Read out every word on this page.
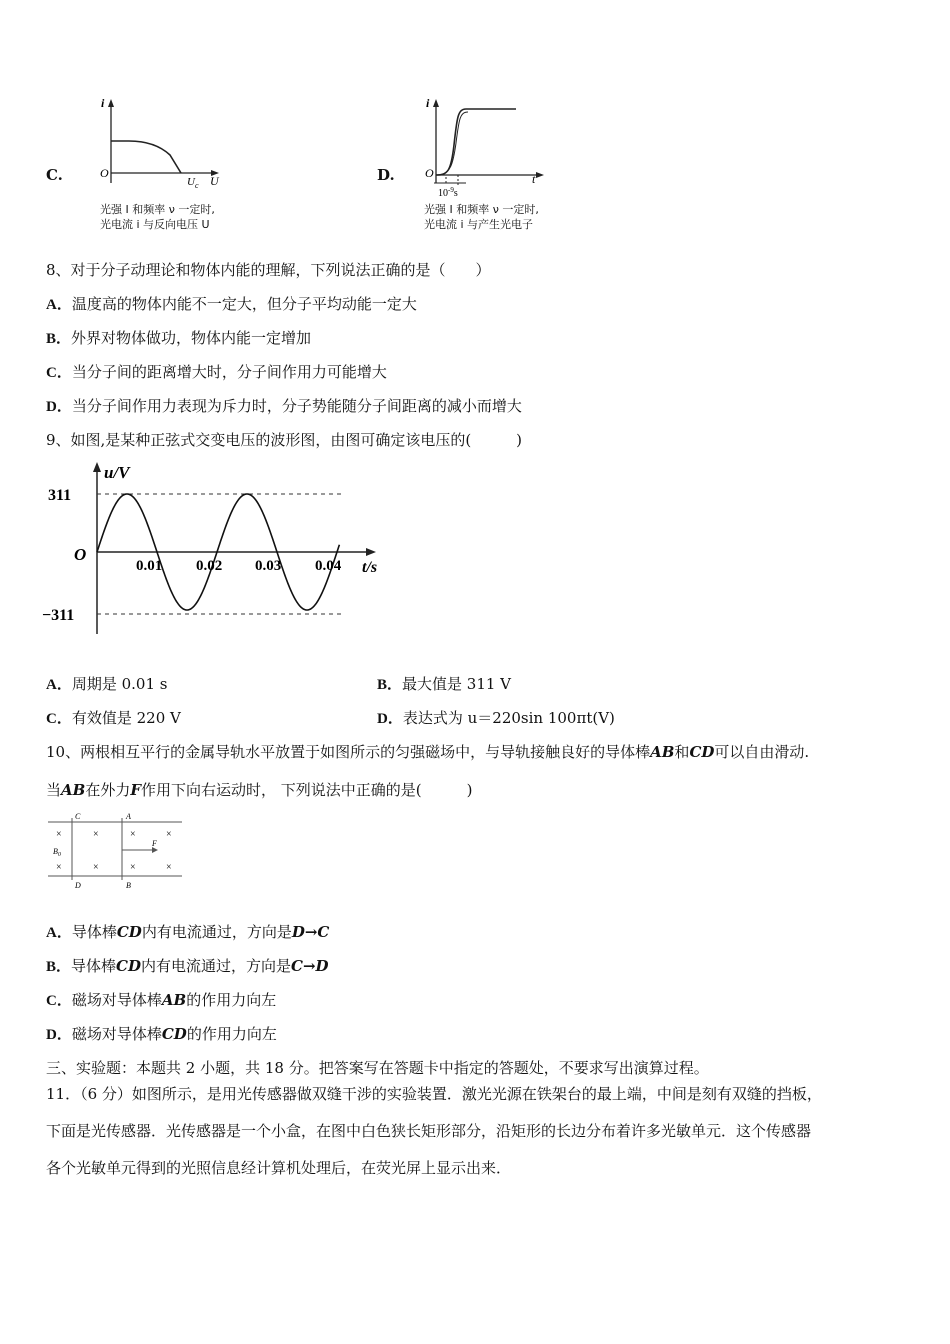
C.
i
O
$U_c$ U
光强 I 和频率 ν 一定时,
光电流 i 与反向电压 U
D.
i
O	t
$10^{-9}s$
光强 I 和频率 ν 一定时,
光电流 i 与产生光电子
8、对于分子动理论和物体内能的理解，下列说法正确的是（　　）
A．温度高的物体内能不一定大，但分子平均动能一定大
B．外界对物体做功，物体内能一定增加
C．当分子间的距离增大时，分子间作用力可能增大
D．当分子间作用力表现为斥力时，分子势能随分子间距离的减小而增大
9、如图,是某种正弦式交变电压的波形图，由图可确定该电压的(　　　)
u/V
311
−311
O
0.01 0.02 0.03 0.04 t/s
A．周期是 0.01 s	B．最大值是 311 V
C．有效值是 220 V	D．表达式为 u＝220sin 100πt(V)
10、两根相互平行的金属导轨水平放置于如图所示的匀强磁场中，与导轨接触良好的导体棒AB和CD可以自由滑动.
当AB在外力F作用下向右运动时， 下列说法中正确的是(　　　)
C	A
D	B
$B_0$
F
×	×	×	×
×	×	×	×
A．导体棒CD内有电流通过，方向是D→C
B．导体棒CD内有电流通过，方向是C→D
C．磁场对导体棒AB的作用力向左
D．磁场对导体棒CD的作用力向左
三、实验题：本题共 2 小题，共 18 分。把答案写在答题卡中指定的答题处，不要求写出演算过程。
11．（6 分）如图所示，是用光传感器做双缝干涉的实验装置．激光光源在铁架台的最上端，中间是刻有双缝的挡板，
下面是光传感器．光传感器是一个小盒，在图中白色狭长矩形部分，沿矩形的长边分布着许多光敏单元．这个传感器
各个光敏单元得到的光照信息经计算机处理后，在荧光屏上显示出来．
